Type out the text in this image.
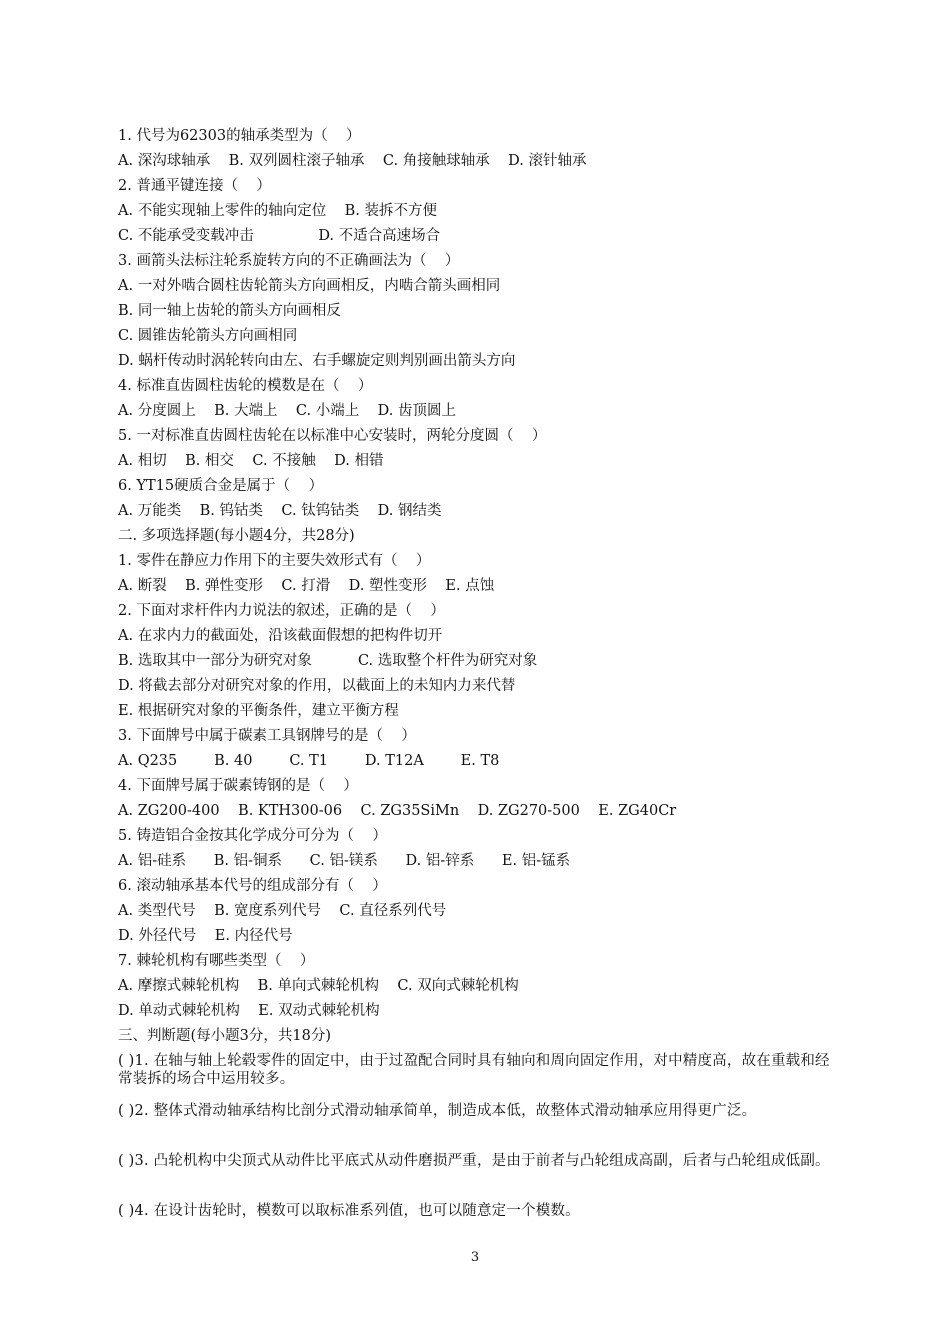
1. 代号为62303的轴承类型为（    ）

A. 深沟球轴承    B. 双列圆柱滚子轴承    C. 角接触球轴承    D. 滚针轴承

2. 普通平键连接（    ）

A. 不能实现轴上零件的轴向定位    B. 装拆不方便

C. 不能承受变载冲击              D. 不适合高速场合

3. 画箭头法标注轮系旋转方向的不正确画法为（    ）

A. 一对外啮合圆柱齿轮箭头方向画相反，内啮合箭头画相同

B. 同一轴上齿轮的箭头方向画相反

C. 圆锥齿轮箭头方向画相同

D. 蜗杆传动时涡轮转向由左、右手螺旋定则判别画出箭头方向

4. 标准直齿圆柱齿轮的模数是在（    ）

A. 分度圆上    B. 大端上    C. 小端上    D. 齿顶圆上

5. 一对标准直齿圆柱齿轮在以标准中心安装时，两轮分度圆（    ）

A. 相切    B. 相交    C. 不接触    D. 相错

6. YT15硬质合金是属于（    ）

A. 万能类    B. 钨钴类    C. 钛钨钴类    D. 钢结类

二. 多项选择题(每小题4分，共28分)

1. 零件在静应力作用下的主要失效形式有（    ）

A. 断裂    B. 弹性变形    C. 打滑    D. 塑性变形    E. 点蚀

2. 下面对求杆件内力说法的叙述，正确的是（    ）

A. 在求内力的截面处，沿该截面假想的把构件切开

B. 选取其中一部分为研究对象          C. 选取整个杆件为研究对象

D. 将截去部分对研究对象的作用，以截面上的未知内力来代替

E. 根据研究对象的平衡条件，建立平衡方程

3. 下面牌号中属于碳素工具钢牌号的是（    ）

A. Q235        B. 40        C. T1        D. T12A        E. T8

4. 下面牌号属于碳素铸钢的是（    ）

A. ZG200-400    B. KTH300-06    C. ZG35SiMn    D. ZG270-500    E. ZG40Cr

5. 铸造铝合金按其化学成分可分为（    ）

A. 铝-硅系      B. 铝-铜系      C. 铝-镁系      D. 铝-锌系      E. 铝-锰系

6. 滚动轴承基本代号的组成部分有（    ）

A. 类型代号    B. 宽度系列代号    C. 直径系列代号

D. 外径代号    E. 内径代号

7. 棘轮机构有哪些类型（    ）

A. 摩擦式棘轮机构    B. 单向式棘轮机构    C. 双向式棘轮机构

D. 单动式棘轮机构    E. 双动式棘轮机构

三、判断题(每小题3分，共18分)

( )1. 在轴与轴上轮毂零件的固定中，由于过盈配合同时具有轴向和周向固定作用，对中精度高，故在重载和经常装拆的场合中运用较多。

( )2. 整体式滑动轴承结构比剖分式滑动轴承简单，制造成本低，故整体式滑动轴承应用得更广泛。

( )3. 凸轮机构中尖顶式从动件比平底式从动件磨损严重，是由于前者与凸轮组成高副，后者与凸轮组成低副。

( )4. 在设计齿轮时，模数可以取标准系列值，也可以随意定一个模数。

3
